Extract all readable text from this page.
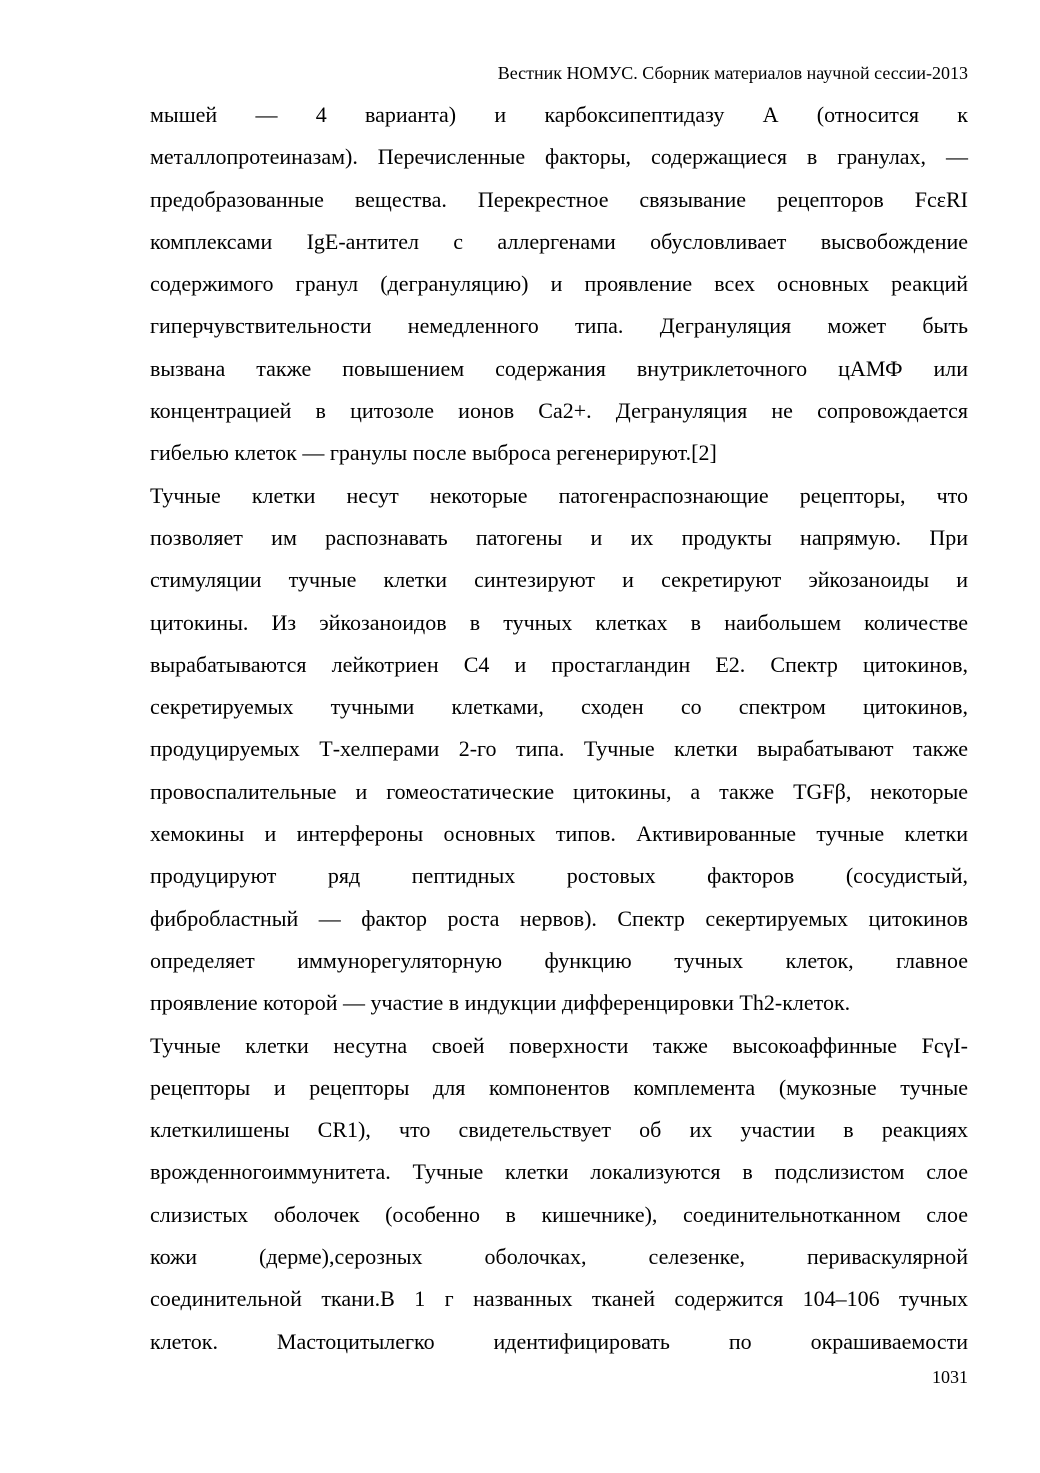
Вестник НОМУС. Сборник материалов научной сессии-2013

мышей — 4 варианта) и карбоксипептидазу А (относится к
металлопротеиназам). Перечисленные факторы, содержащиеся в гранулах, —
предобразованные вещества. Перекрестное связывание рецепторов FcεRI
комплексами IgE-антител с аллергенами обусловливает высвобождение
содержимого гранул (дегрануляцию) и проявление всех основных реакций
гиперчувствительности немедленного типа. Дегрануляция может быть
вызвана также повышением содержания внутриклеточного цАМФ или
концентрацией в цитозоле ионов Ca2+. Дегрануляция не сопровождается
гибелью клеток — гранулы после выброса регенерируют.[2]

Тучные клетки несут некоторые патогенраспознающие рецепторы, что
позволяет им распознавать патогены и их продукты напрямую. При
стимуляции тучные клетки синтезируют и секретируют эйкозаноиды и
цитокины. Из эйкозаноидов в тучных клетках в наибольшем количестве
вырабатываются лейкотриен С4 и простагландин Е2. Спектр цитокинов,
секретируемых тучными клетками, сходен со спектром цитокинов,
продуцируемых Т-хелперами 2-го типа. Тучные клетки вырабатывают также
провоспалительные и гомеостатические цитокины, а также TGFβ, некоторые
хемокины и интерфероны основных типов. Активированные тучные клетки
продуцируют ряд пептидных ростовых факторов (сосудистый,
фибробластный — фактор роста нервов). Спектр секертируемых цитокинов
определяет иммунорегуляторную функцию тучных клеток, главное
проявление которой — участие в индукции дифференцировки Th2-клеток.

Тучные клетки несутна своей поверхности также высокоаффинные FcγI-
рецепторы и рецепторы для компонентов комплемента (мукозные тучные
клеткилишены CR1), что свидетельствует об их участии в реакциях
врожденногоиммунитета. Тучные клетки локализуются в подслизистом слое
слизистых оболочек (особенно в кишечнике), соединительнотканном слое
кожи (дерме),серозных оболочках, селезенке, периваскулярной
соединительной ткани.В 1 г названных тканей содержится 104–106 тучных
клеток. Мастоцитылегко идентифицировать по окрашиваемости

1031
